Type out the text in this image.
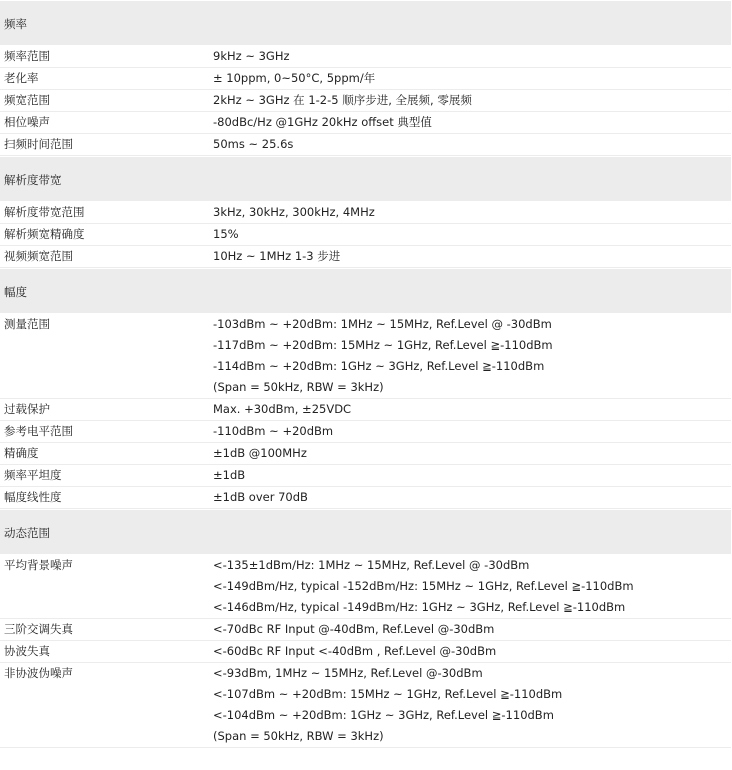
频率
频率范围	9kHz ~ 3GHz
老化率	± 10ppm, 0~50°C, 5ppm/年
频宽范围	2kHz ~ 3GHz 在 1-2-5 顺序步进, 全展频, 零展频
相位噪声	-80dBc/Hz @1GHz 20kHz offset 典型值
扫频时间范围	50ms ~ 25.6s
解析度带宽
解析度带宽范围	3kHz, 30kHz, 300kHz, 4MHz
解析频宽精确度	15%
视频频宽范围	10Hz ~ 1MHz 1-3 步进
幅度
测量范围	-103dBm ~ +20dBm: 1MHz ~ 15MHz, Ref.Level @ -30dBm
-117dBm ~ +20dBm: 15MHz ~ 1GHz, Ref.Level ≧-110dBm
-114dBm ~ +20dBm: 1GHz ~ 3GHz, Ref.Level ≧-110dBm
(Span = 50kHz, RBW = 3kHz)
过载保护	Max. +30dBm, ±25VDC
参考电平范围	-110dBm ~ +20dBm
精确度	±1dB @100MHz
频率平坦度	±1dB
幅度线性度	±1dB over 70dB
动态范围
平均背景噪声	<-135±1dBm/Hz: 1MHz ~ 15MHz, Ref.Level @ -30dBm
<-149dBm/Hz, typical -152dBm/Hz: 15MHz ~ 1GHz, Ref.Level ≧-110dBm
<-146dBm/Hz, typical -149dBm/Hz: 1GHz ~ 3GHz, Ref.Level ≧-110dBm
三阶交调失真	<-70dBc RF Input @-40dBm, Ref.Level @-30dBm
协波失真	<-60dBc RF Input <-40dBm , Ref.Level @-30dBm
非协波伪噪声	<-93dBm, 1MHz ~ 15MHz, Ref.Level @-30dBm
<-107dBm ~ +20dBm: 15MHz ~ 1GHz, Ref.Level ≧-110dBm
<-104dBm ~ +20dBm: 1GHz ~ 3GHz, Ref.Level ≧-110dBm
(Span = 50kHz, RBW = 3kHz)
